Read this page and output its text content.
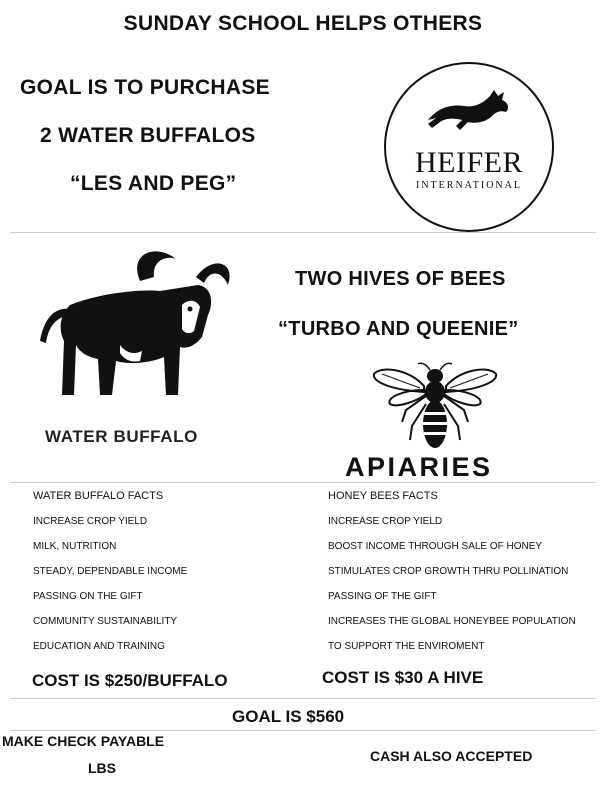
SUNDAY SCHOOL HELPS OTHERS
GOAL IS TO PURCHASE
2 WATER BUFFALOS
“LES AND PEG”
HEIFER
INTERNATIONAL
WATER BUFFALO
TWO HIVES OF BEES
“TURBO AND QUEENIE”
APIARIES
WATER BUFFALO FACTS
INCREASE CROP YIELD
MILK, NUTRITION
STEADY, DEPENDABLE INCOME
PASSING ON THE GIFT
COMMUNITY SUSTAINABILITY
EDUCATION AND TRAINING
HONEY BEES FACTS
INCREASE CROP YIELD
BOOST INCOME THROUGH SALE OF HONEY
STIMULATES CROP GROWTH THRU POLLINATION
PASSING OF THE GIFT
INCREASES THE GLOBAL HONEYBEE POPULATION
TO SUPPORT THE ENVIROMENT
COST IS $250/BUFFALO	COST IS $30 A HIVE
GOAL IS $560
MAKE CHECK PAYABLE
LBS
CASH ALSO ACCEPTED
